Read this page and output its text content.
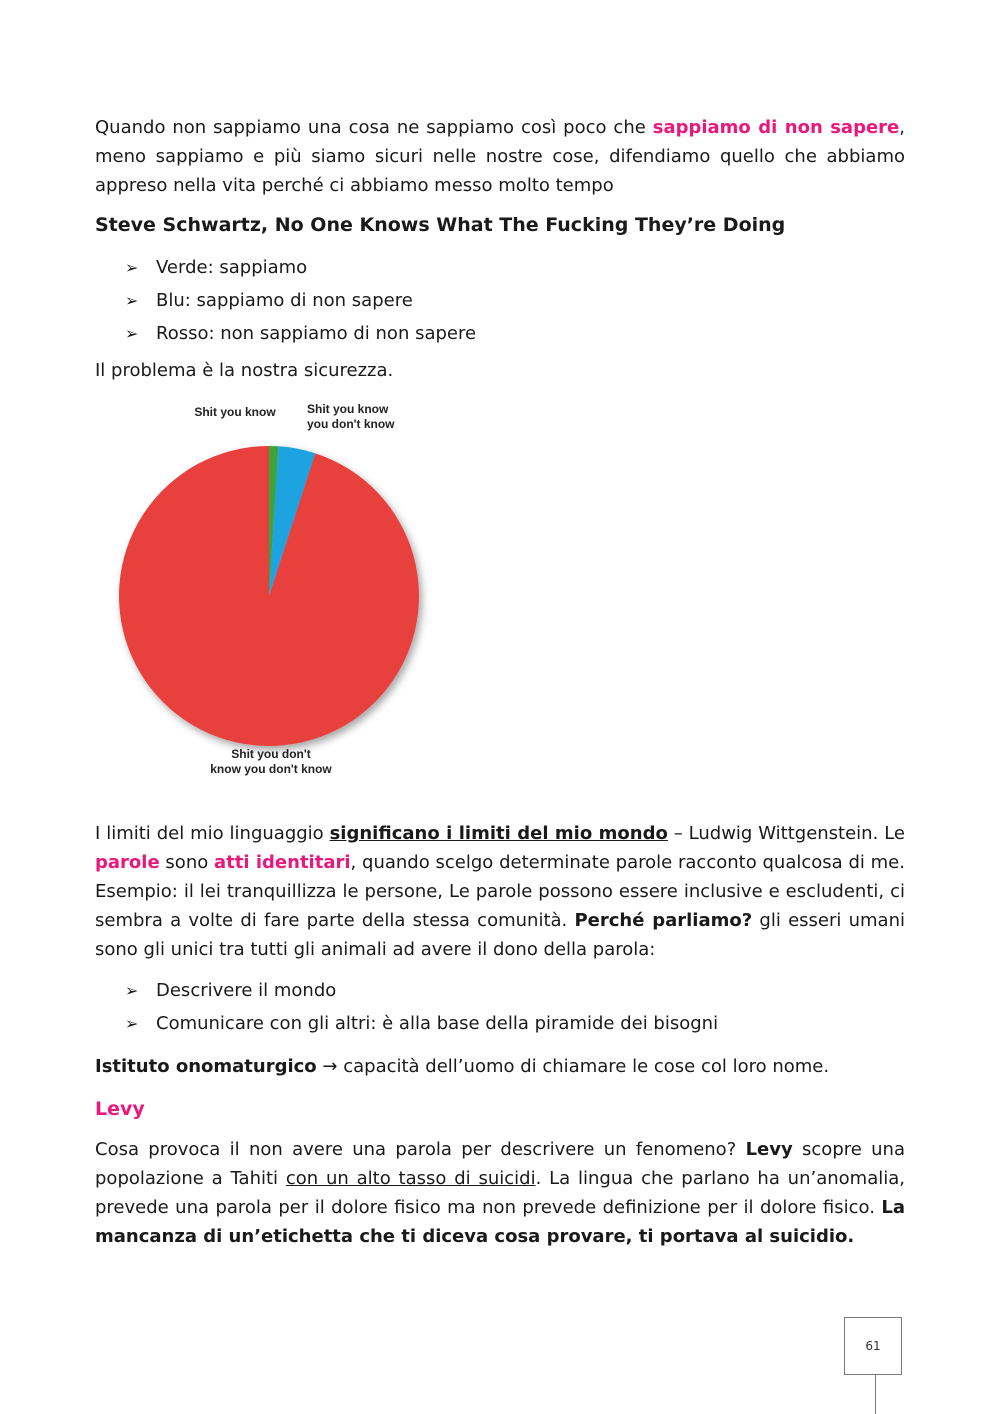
Quando non sappiamo una cosa ne sappiamo così poco che sappiamo di non sapere, meno sappiamo e più siamo sicuri nelle nostre cose, difendiamo quello che abbiamo appreso nella vita perché ci abbiamo messo molto tempo

Steve Schwartz, No One Knows What The Fucking They’re Doing
➢ Verde: sappiamo
➢ Blu: sappiamo di non sapere
➢ Rosso: non sappiamo di non sapere

Il problema è la nostra sicurezza.

Shit you know	Shit you know you don't know
Shit you don't know you don't know

I limiti del mio linguaggio significano i limiti del mio mondo – Ludwig Wittgenstein. Le parole sono atti identitari, quando scelgo determinate parole racconto qualcosa di me. Esempio: il lei tranquillizza le persone, Le parole possono essere inclusive e escludenti, ci sembra a volte di fare parte della stessa comunità. Perché parliamo? gli esseri umani sono gli unici tra tutti gli animali ad avere il dono della parola:

➢ Descrivere il mondo
➢ Comunicare con gli altri: è alla base della piramide dei bisogni

Istituto onomaturgico → capacità dell’uomo di chiamare le cose col loro nome.

Levy

Cosa provoca il non avere una parola per descrivere un fenomeno? Levy scopre una popolazione a Tahiti con un alto tasso di suicidi. La lingua che parlano ha un’anomalia, prevede una parola per il dolore fisico ma non prevede definizione per il dolore fisico. La mancanza di un’etichetta che ti diceva cosa provare, ti portava al suicidio.

61
